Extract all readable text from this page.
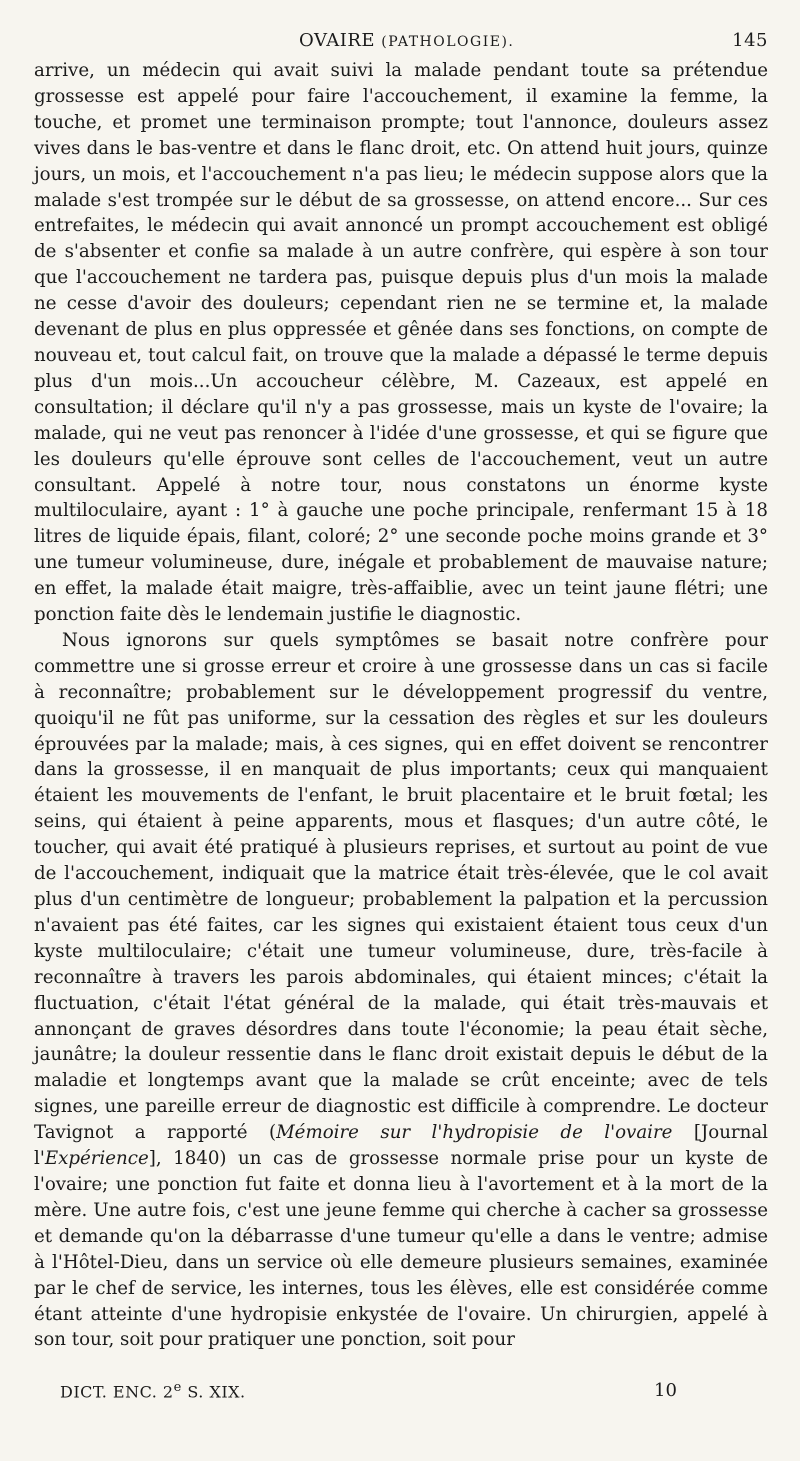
OVAIRE (PATHOLOGIE).	145

arrive, un médecin qui avait suivi la malade pendant toute sa prétendue grossesse est appelé pour faire l'accouchement, il examine la femme, la touche, et promet une terminaison prompte; tout l'annonce, douleurs assez vives dans le bas-ventre et dans le flanc droit, etc. On attend huit jours, quinze jours, un mois, et l'accouchement n'a pas lieu; le médecin suppose alors que la malade s'est trompée sur le début de sa grossesse, on attend encore... Sur ces entrefaites, le médecin qui avait annoncé un prompt accouchement est obligé de s'absenter et confie sa malade à un autre confrère, qui espère à son tour que l'accouchement ne tardera pas, puisque depuis plus d'un mois la malade ne cesse d'avoir des douleurs; cependant rien ne se termine et, la malade devenant de plus en plus oppressée et gênée dans ses fonctions, on compte de nouveau et, tout calcul fait, on trouve que la malade a dépassé le terme depuis plus d'un mois...Un accoucheur célèbre, M. Cazeaux, est appelé en consultation; il déclare qu'il n'y a pas grossesse, mais un kyste de l'ovaire; la malade, qui ne veut pas renoncer à l'idée d'une grossesse, et qui se figure que les douleurs qu'elle éprouve sont celles de l'accouchement, veut un autre consultant. Appelé à notre tour, nous constatons un énorme kyste multiloculaire, ayant : 1° à gauche une poche principale, renfermant 15 à 18 litres de liquide épais, filant, coloré; 2° une seconde poche moins grande et 3° une tumeur volumineuse, dure, inégale et probablement de mauvaise nature; en effet, la malade était maigre, très-affaiblie, avec un teint jaune flétri; une ponction faite dès le lendemain justifie le diagnostic.

Nous ignorons sur quels symptômes se basait notre confrère pour commettre une si grosse erreur et croire à une grossesse dans un cas si facile à reconnaître; probablement sur le développement progressif du ventre, quoiqu'il ne fût pas uniforme, sur la cessation des règles et sur les douleurs éprouvées par la malade; mais, à ces signes, qui en effet doivent se rencontrer dans la grossesse, il en manquait de plus importants; ceux qui manquaient étaient les mouvements de l'enfant, le bruit placentaire et le bruit fœtal; les seins, qui étaient à peine apparents, mous et flasques; d'un autre côté, le toucher, qui avait été pratiqué à plusieurs reprises, et surtout au point de vue de l'accouchement, indiquait que la matrice était très-élevée, que le col avait plus d'un centimètre de longueur; probablement la palpation et la percussion n'avaient pas été faites, car les signes qui existaient étaient tous ceux d'un kyste multiloculaire; c'était une tumeur volumineuse, dure, très-facile à reconnaître à travers les parois abdominales, qui étaient minces; c'était la fluctuation, c'était l'état général de la malade, qui était très-mauvais et annonçant de graves désordres dans toute l'économie; la peau était sèche, jaunâtre; la douleur ressentie dans le flanc droit existait depuis le début de la maladie et longtemps avant que la malade se crût enceinte; avec de tels signes, une pareille erreur de diagnostic est difficile à comprendre. Le docteur Tavignot a rapporté (Mémoire sur l'hydropisie de l'ovaire [Journal l'Expérience], 1840) un cas de grossesse normale prise pour un kyste de l'ovaire; une ponction fut faite et donna lieu à l'avortement et à la mort de la mère. Une autre fois, c'est une jeune femme qui cherche à cacher sa grossesse et demande qu'on la débarrasse d'une tumeur qu'elle a dans le ventre; admise à l'Hôtel-Dieu, dans un service où elle demeure plusieurs semaines, examinée par le chef de service, les internes, tous les élèves, elle est considérée comme étant atteinte d'une hydropisie enkystée de l'ovaire. Un chirurgien, appelé à son tour, soit pour pratiquer une ponction, soit pour

DICT. ENC. 2e S. XIX.	10
